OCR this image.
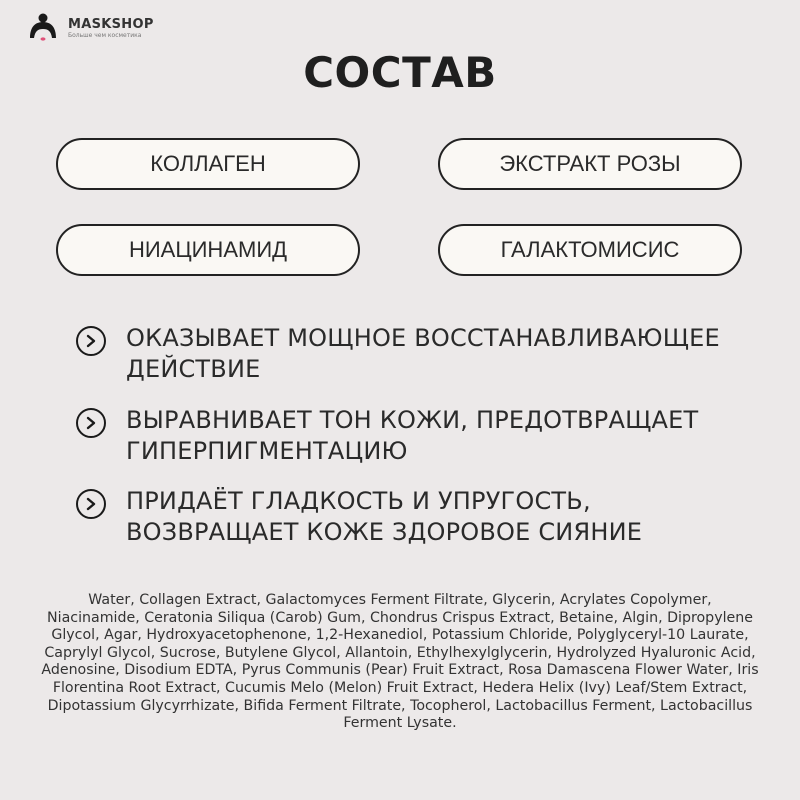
MASKSHOP
Больше чем косметика
СОСТАВ
КОЛЛАГЕН	ЭКСТРАКТ РОЗЫ
НИАЦИНАМИД	ГАЛАКТОМИСИС
ОКАЗЫВАЕТ МОЩНОЕ ВОССТАНАВЛИВАЮЩЕЕ
ДЕЙСТВИЕ
ВЫРАВНИВАЕТ ТОН КОЖИ, ПРЕДОТВРАЩАЕТ
ГИПЕРПИГМЕНТАЦИЮ
ПРИДАЁТ ГЛАДКОСТЬ И УПРУГОСТЬ,
ВОЗВРАЩАЕТ КОЖЕ ЗДОРОВОЕ СИЯНИЕ
Water, Collagen Extract, Galactomyces Ferment Filtrate, Glycerin, Acrylates Copolymer, Niacinamide, Ceratonia Siliqua (Carob) Gum, Chondrus Crispus Extract, Betaine, Algin, Dipropylene Glycol, Agar, Hydroxyacetophenone, 1,2-Hexanediol, Potassium Chloride, Polyglyceryl-10 Laurate, Caprylyl Glycol, Sucrose, Butylene Glycol, Allantoin, Ethylhexylglycerin, Hydrolyzed Hyaluronic Acid, Adenosine, Disodium EDTA, Pyrus Communis (Pear) Fruit Extract, Rosa Damascena Flower Water, Iris Florentina Root Extract, Cucumis Melo (Melon) Fruit Extract, Hedera Helix (Ivy) Leaf/Stem Extract, Dipotassium Glycyrrhizate, Bifida Ferment Filtrate, Tocopherol, Lactobacillus Ferment, Lactobacillus Ferment Lysate.
